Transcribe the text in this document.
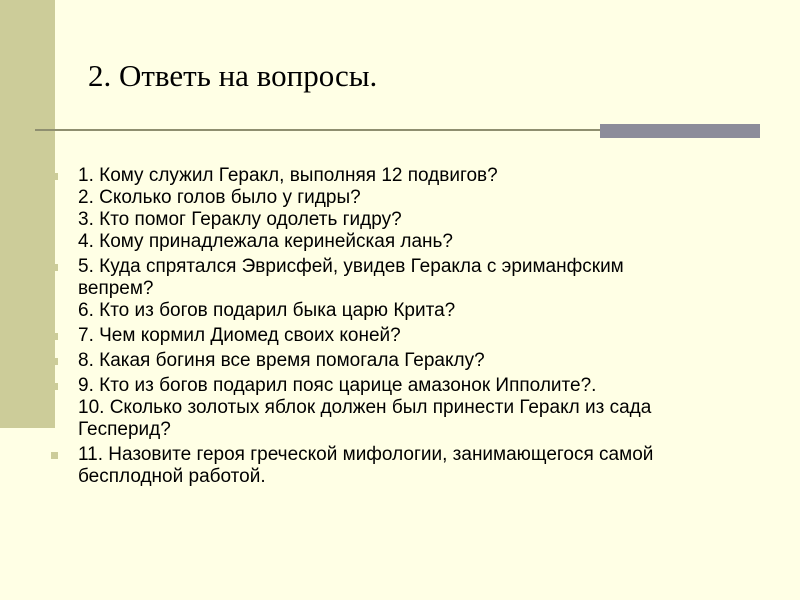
2. Ответь на вопросы.
1. Кому служил Геракл, выполняя 12 подвигов?
2. Сколько голов было у гидры?
3. Кто помог Гераклу одолеть гидру?
4. Кому принадлежала керинейская лань?
5. Куда спрятался Эврисфей, увидев Геракла с эриманфским
вепрем?
6. Кто из богов подарил быка царю Крита?
7. Чем кормил Диомед своих коней?
8. Какая богиня все время помогала Гераклу?
9. Кто из богов подарил пояс царице амазонок Ипполите?.
10. Сколько золотых яблок должен был принести Геракл из сада
Гесперид?
11. Назовите героя греческой мифологии, занимающегося самой
бесплодной работой.
